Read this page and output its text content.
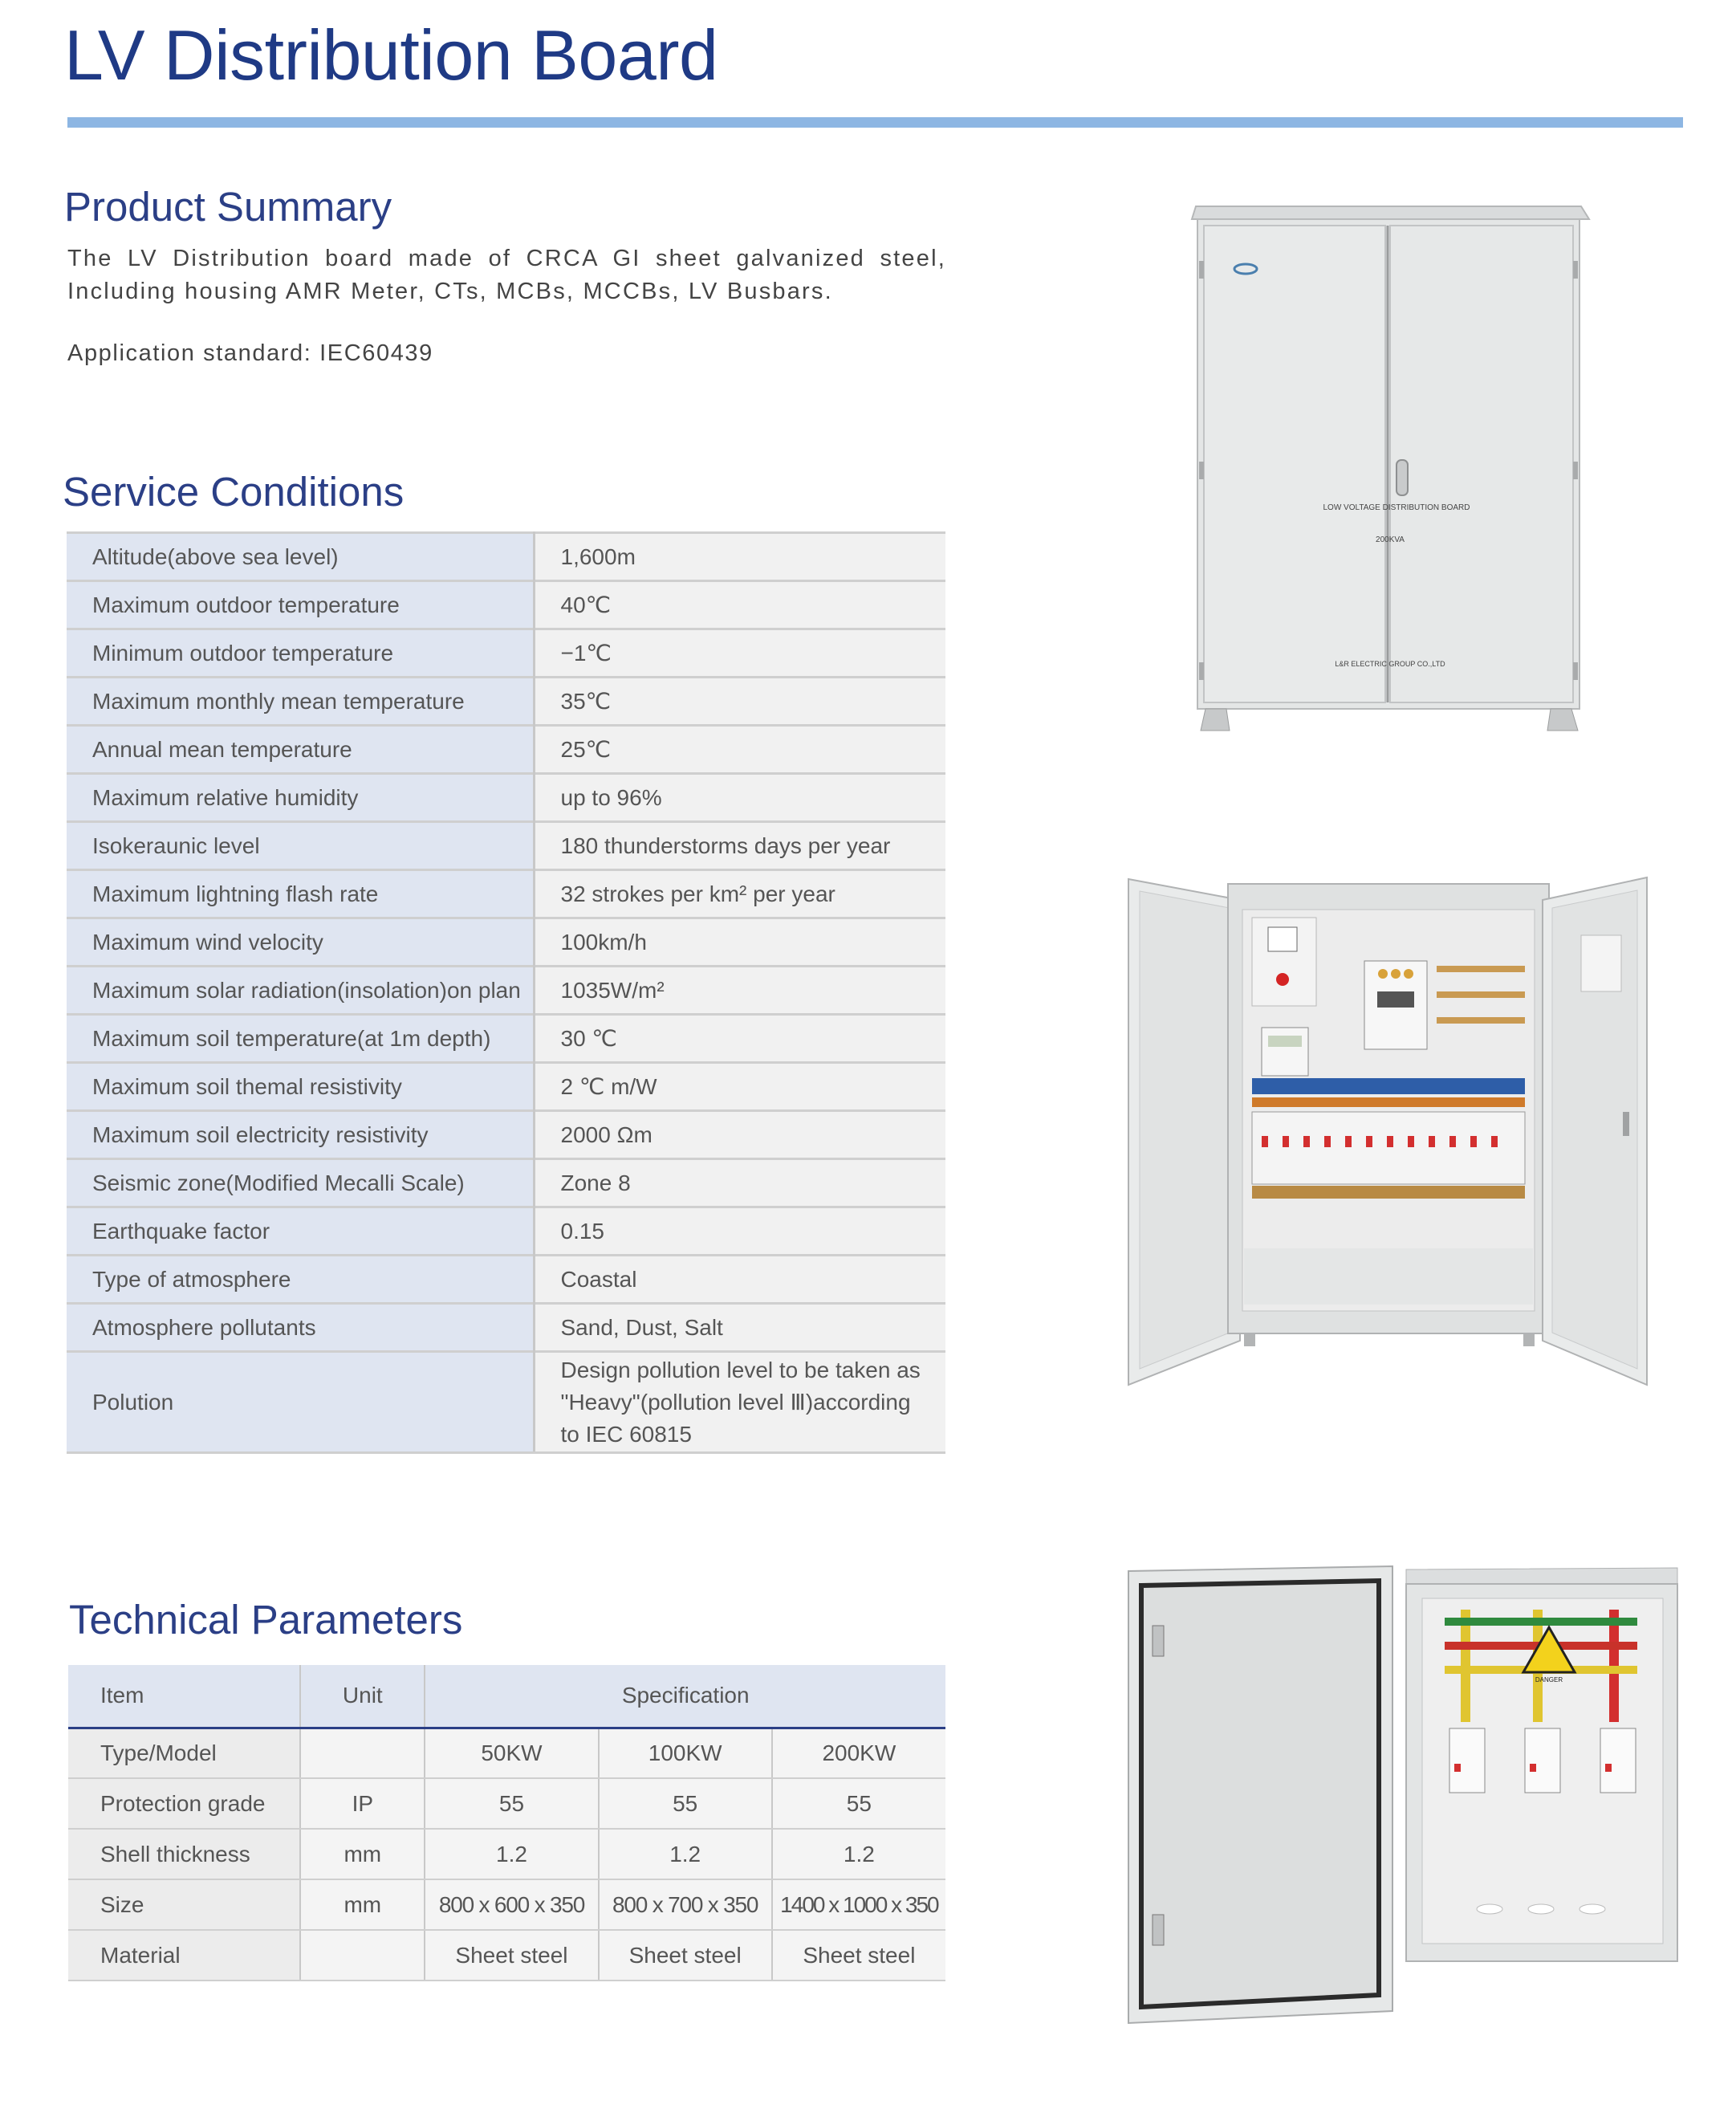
LV Distribution Board
Product Summary

The LV Distribution board made of CRCA GI sheet galvanized steel,

Including housing AMR Meter, CTs, MCBs, MCCBs, LV Busbars.

Application standard: IEC60439
Service Conditions
Altitude(above sea level)	1,600m
Maximum outdoor temperature	40℃
Minimum outdoor temperature	−1℃
Maximum monthly mean temperature	35℃
Annual mean temperature	25℃
Maximum relative humidity	up to 96%
Isokeraunic level	180 thunderstorms days per year
Maximum lightning flash rate	32 strokes per km² per year
Maximum wind velocity	100km/h
Maximum solar radiation(insolation)on plan	1035W/m²
Maximum soil temperature(at 1m depth)	30 ℃
Maximum soil themal resistivity	2 ℃ m/W
Maximum soil electricity resistivity	2000 Ωm
Seismic zone(Modified Mecalli Scale)	Zone 8
Earthquake factor	0.15
Type of atmosphere	Coastal
Atmosphere pollutants	Sand, Dust, Salt
Polution	Design pollution level to be taken as "Heavy"(pollution level Ⅲ)according to IEC 60815
Technical Parameters
Item	Unit	Specification		
Type/Model		50KW	100KW	200KW
Protection grade	IP	55	55	55
Shell thickness	mm	1.2	1.2	1.2
Size	mm	800 x 600 x 350	800 x 700 x 350	1400 x 1000 x 350
Material		Sheet steel	Sheet steel	Sheet steel
LOW VOLTAGE DISTRIBUTION BOARD
200KVA
L&R ELECTRIC GROUP CO.,LTD
DANGER
